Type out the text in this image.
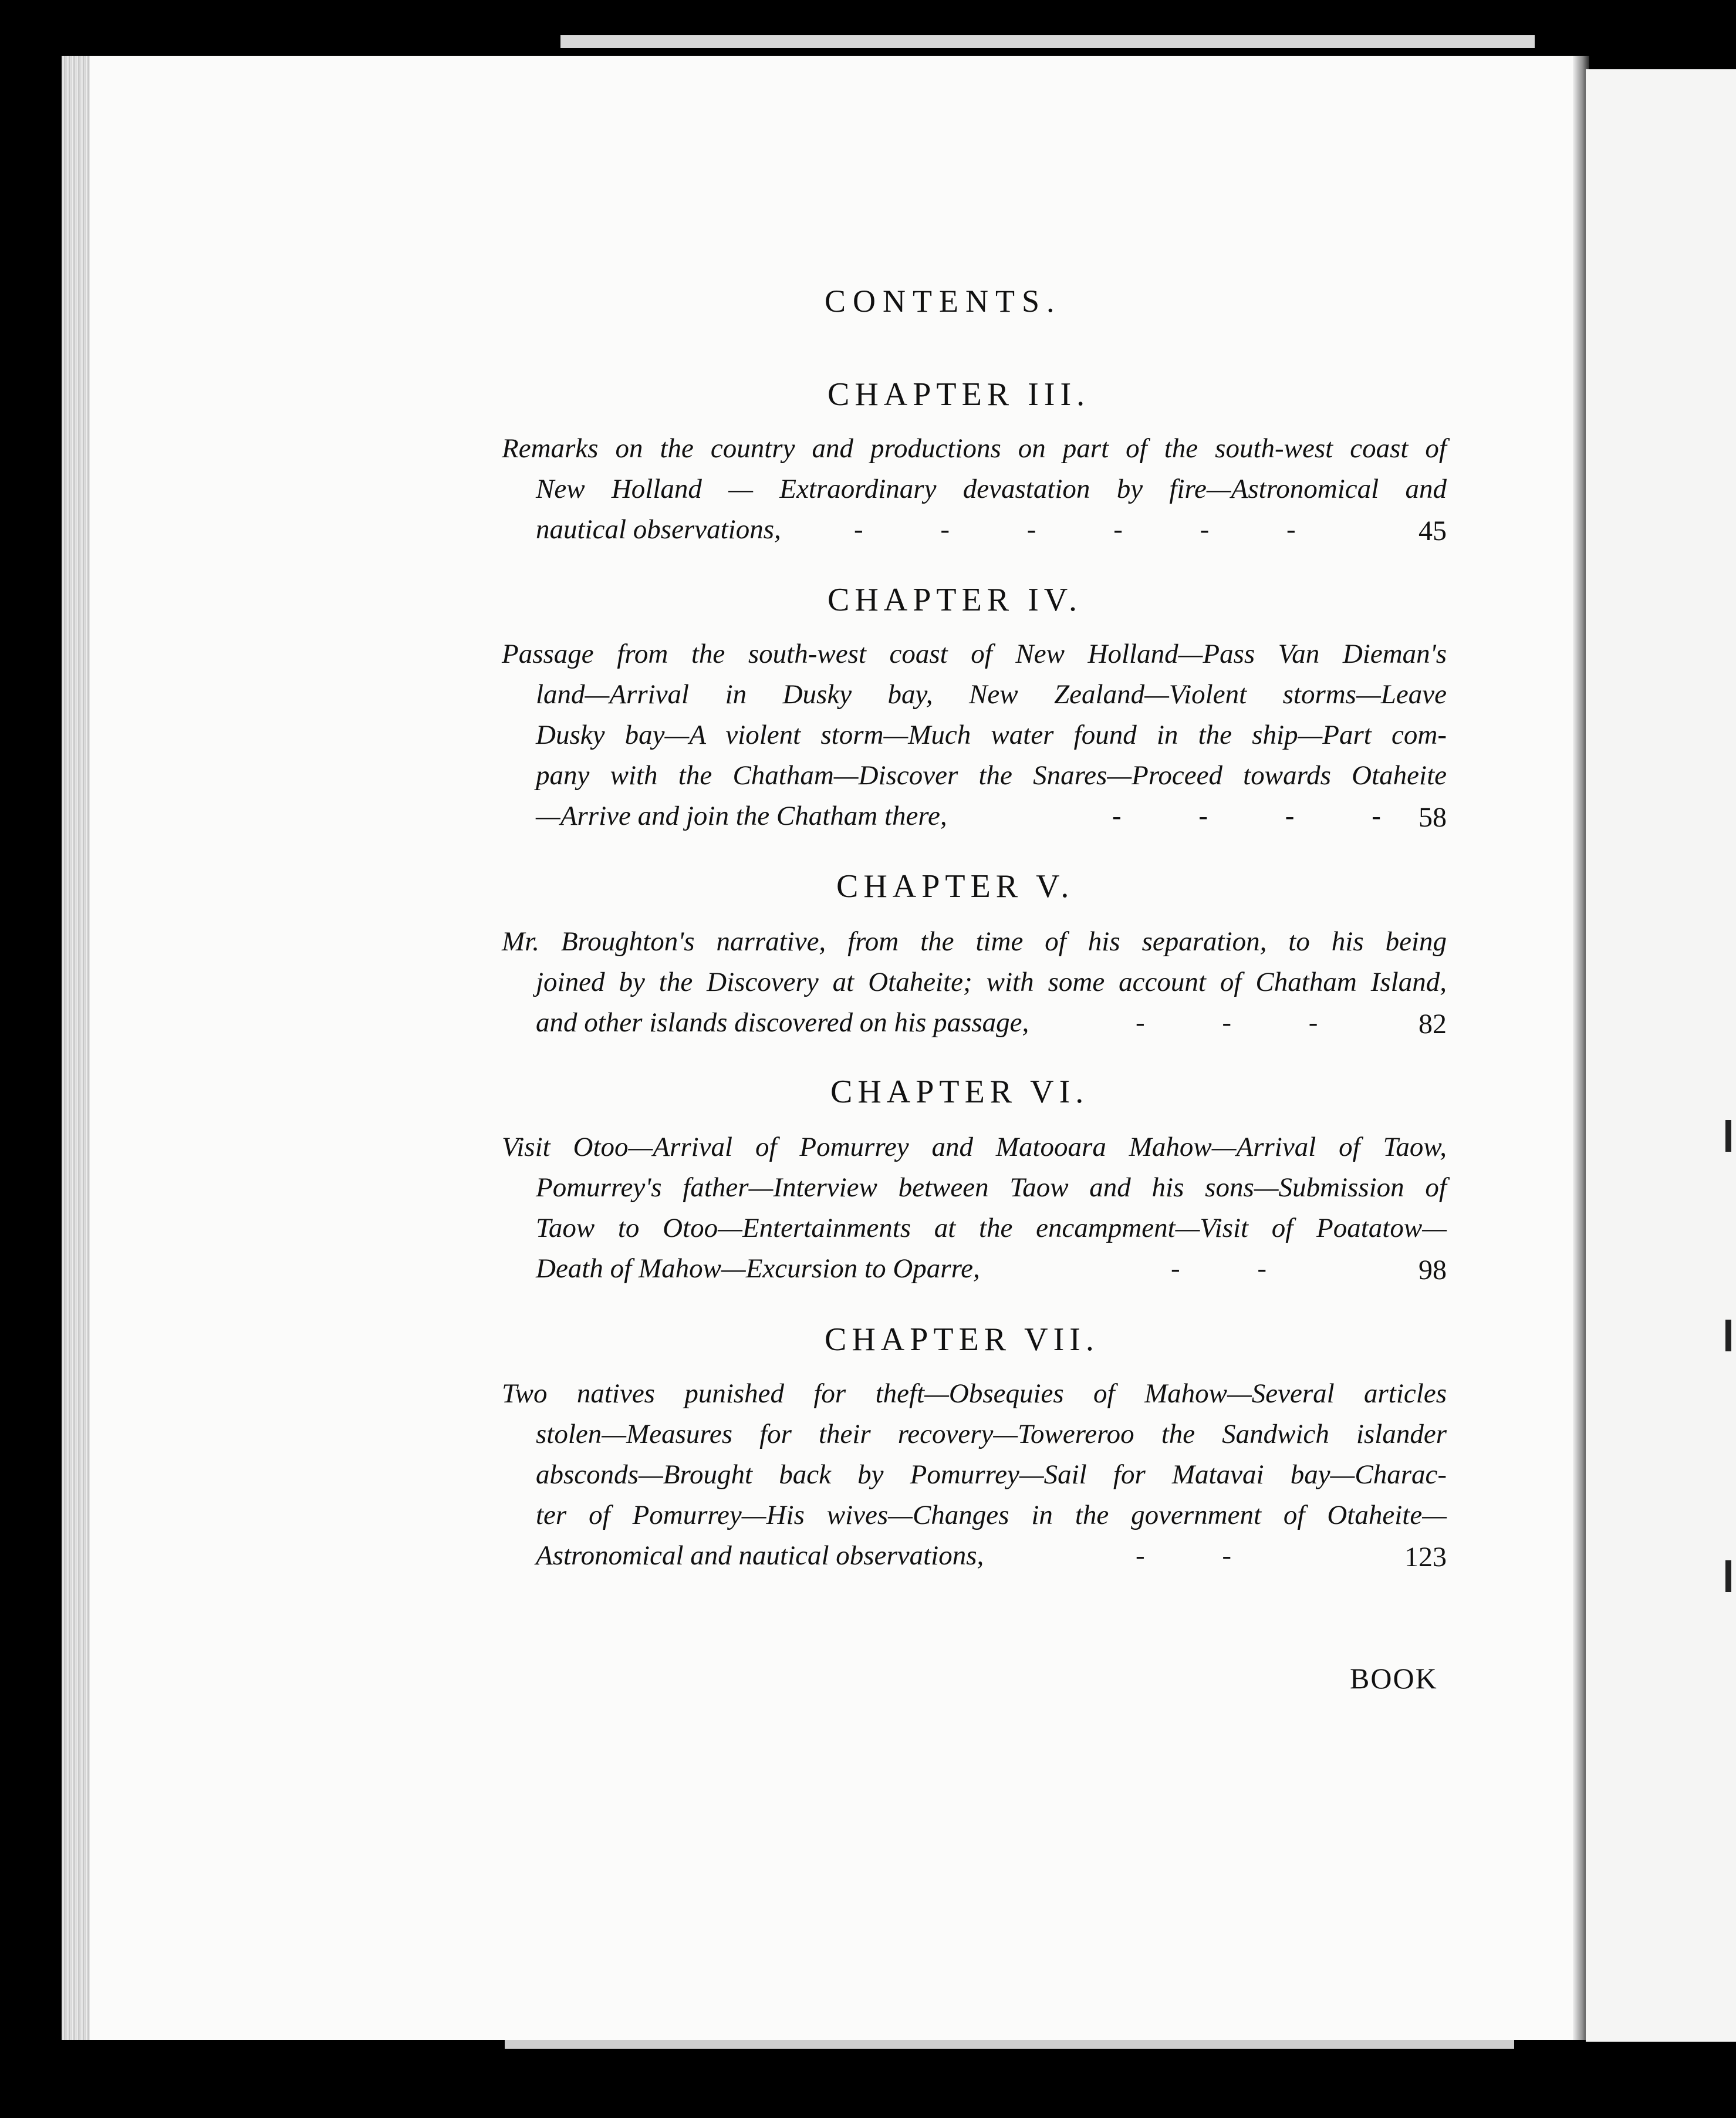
CONTENTS.
CHAPTER III.
Remarks on the country and productions on part of the south-west coast of
New Holland — Extraordinary devastation by fire—Astronomical and
nautical observations,	- - - - - -	45
CHAPTER IV.
Passage from the south-west coast of New Holland—Pass Van Dieman's
land—Arrival in Dusky bay, New Zealand—Violent storms—Leave
Dusky bay—A violent storm—Much water found in the ship—Part com-
pany with the Chatham—Discover the Snares—Proceed towards Otaheite
—Arrive and join the Chatham there,	- - - - 58
CHAPTER V.
Mr. Broughton's narrative, from the time of his separation, to his being
joined by the Discovery at Otaheite; with some account of Chatham Island,
and other islands discovered on his passage,	- - - 82
CHAPTER VI.
Visit Otoo—Arrival of Pomurrey and Matooara Mahow—Arrival of Taow,
Pomurrey's father—Interview between Taow and his sons—Submission of
Taow to Otoo—Entertainments at the encampment—Visit of Poatatow—
Death of Mahow—Excursion to Oparre,	- -	98
CHAPTER VII.
Two natives punished for theft—Obsequies of Mahow—Several articles
stolen—Measures for their recovery—Towereroo the Sandwich islander
absconds—Brought back by Pomurrey—Sail for Matavai bay—Charac-
ter of Pomurrey—His wives—Changes in the government of Otaheite—
Astronomical and nautical observations,	- -	123
BOOK
